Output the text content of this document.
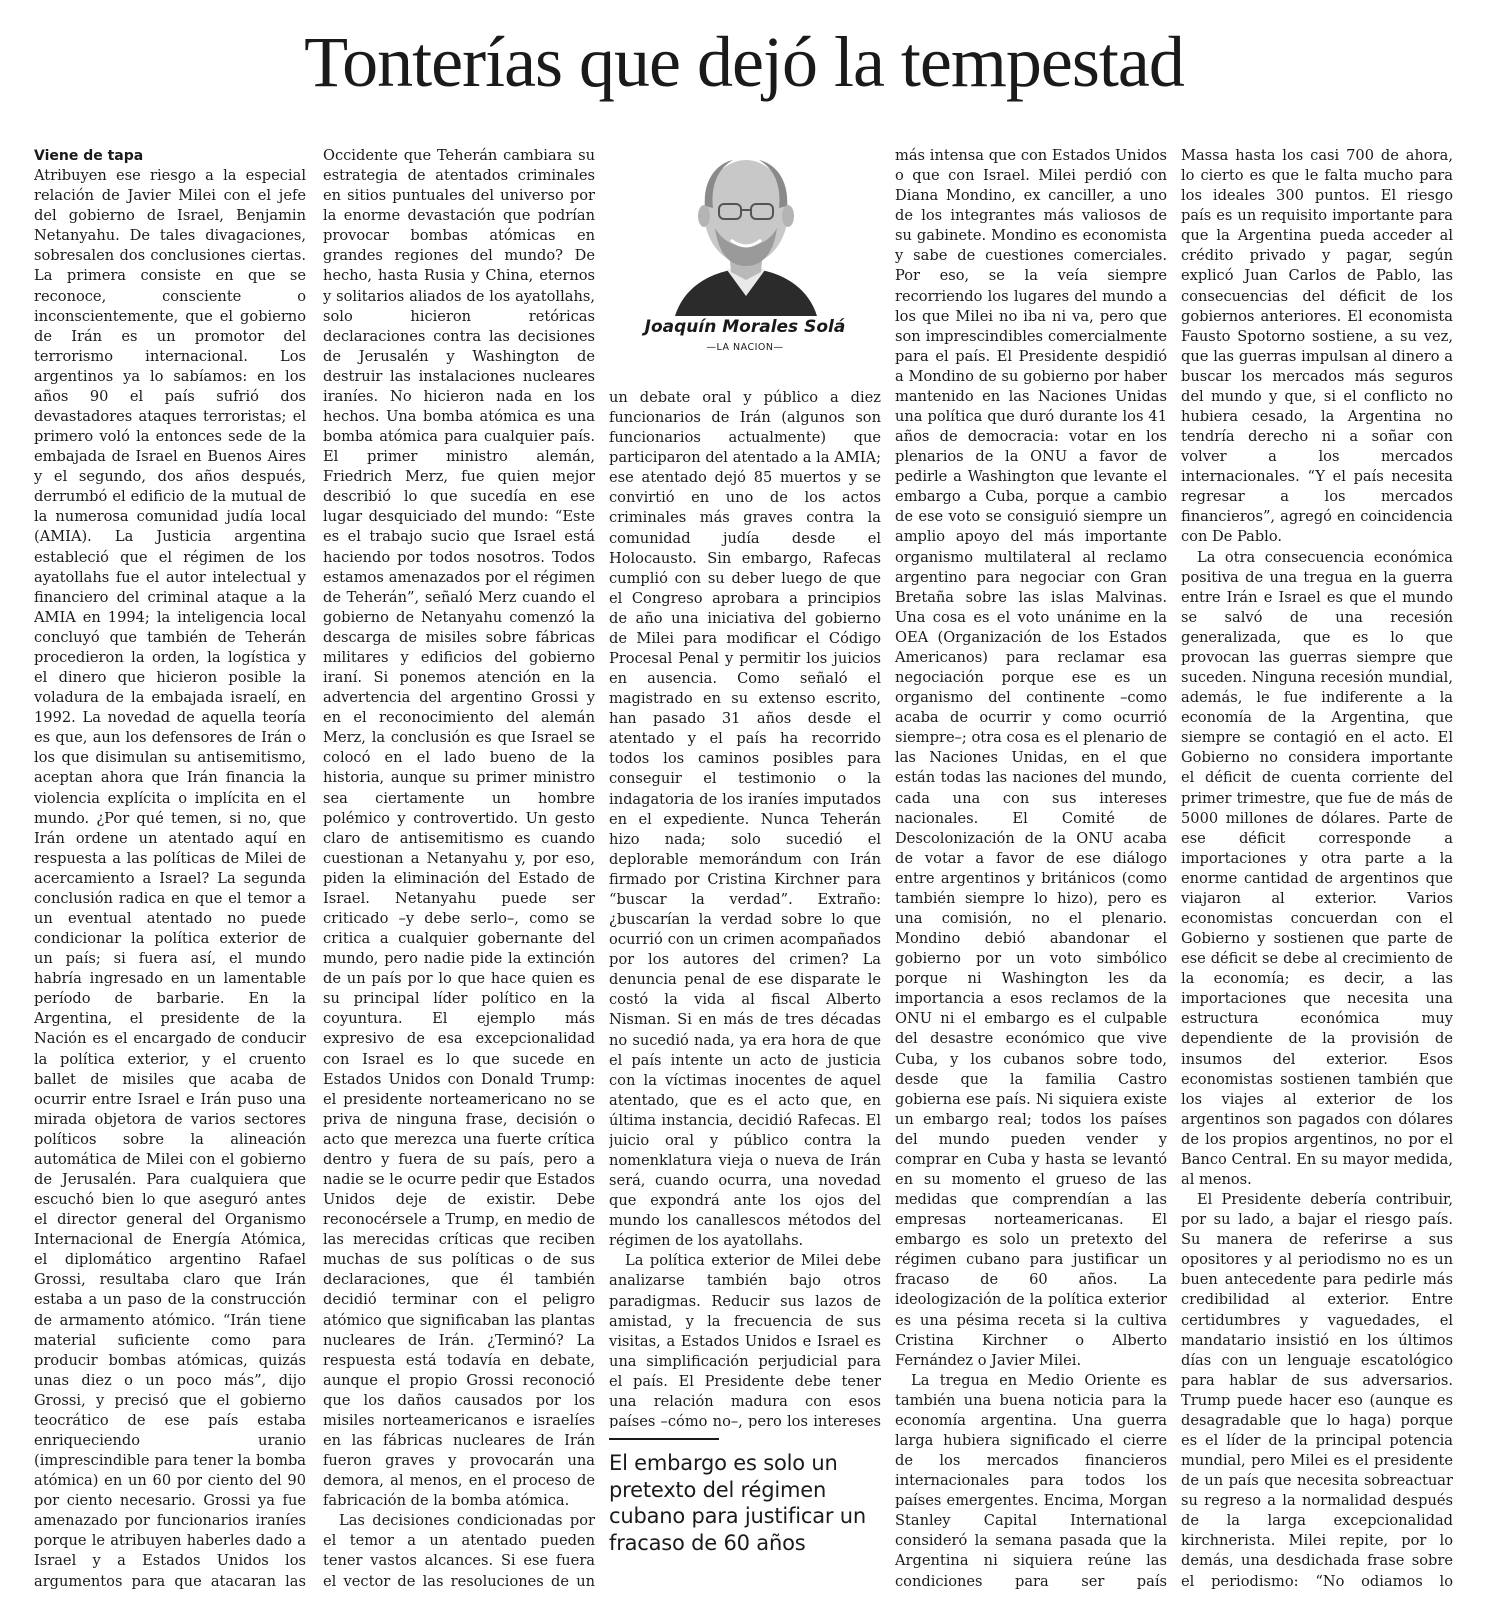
Tonterías que dejó la tempestad

Viene de tapa

Atribuyen ese riesgo a la especial relación de Javier Milei con el jefe del gobierno de Israel, Benjamin Netanyahu. De tales divagaciones, sobresalen dos conclusiones ciertas. La primera consiste en que se reconoce, consciente o inconscientemente, que el gobierno de Irán es un promotor del terrorismo internacional. Los argentinos ya lo sabíamos: en los años 90 el país sufrió dos devastadores ataques terroristas; el primero voló la entonces sede de la embajada de Israel en Buenos Aires y el segundo, dos años después, derrumbó el edificio de la mutual de la numerosa comunidad judía local (AMIA). La Justicia argentina estableció que el régimen de los ayatollahs fue el autor intelectual y financiero del criminal ataque a la AMIA en 1994; la inteligencia local concluyó que también de Teherán procedieron la orden, la logística y el dinero que hicieron posible la voladura de la embajada israelí, en 1992. La novedad de aquella teoría es que, aun los defensores de Irán o los que disimulan su antisemitismo, aceptan ahora que Irán financia la violencia explícita o implícita en el mundo. ¿Por qué temen, si no, que Irán ordene un atentado aquí en respuesta a las políticas de Milei de acercamiento a Israel? La segunda conclusión radica en que el temor a un eventual atentado no puede condicionar la política exterior de un país; si fuera así, el mundo habría ingresado en un lamentable período de barbarie. En la Argentina, el presidente de la Nación es el encargado de conducir la política exterior, y el cruento ballet de misiles que acaba de ocurrir entre Israel e Irán puso una mirada objetora de varios sectores políticos sobre la alineación automática de Milei con el gobierno de Jerusalén. Para cualquiera que escuchó bien lo que aseguró antes el director general del Organismo Internacional de Energía Atómica, el diplomático argentino Rafael Grossi, resultaba claro que Irán estaba a un paso de la construcción de armamento atómico. “Irán tiene material suficiente como para producir bombas atómicas, quizás unas diez o un poco más”, dijo Grossi, y precisó que el gobierno teocrático de ese país estaba enriqueciendo uranio (imprescindible para tener la bomba atómica) en un 60 por ciento del 90 por ciento necesario. Grossi ya fue amenazado por funcionarios iraníes porque le atribuyen haberles dado a Israel y a Estados Unidos los argumentos para que atacaran las

Occidente que Teherán cambiara su estrategia de atentados criminales en sitios puntuales del universo por la enorme devastación que podrían provocar bombas atómicas en grandes regiones del mundo? De hecho, hasta Rusia y China, eternos y solitarios aliados de los ayatollahs, solo hicieron retóricas declaraciones contra las decisiones de Jerusalén y Washington de destruir las instalaciones nucleares iraníes. No hicieron nada en los hechos. Una bomba atómica es una bomba atómica para cualquier país. El primer ministro alemán, Friedrich Merz, fue quien mejor describió lo que sucedía en ese lugar desquiciado del mundo: “Este es el trabajo sucio que Israel está haciendo por todos nosotros. Todos estamos amenazados por el régimen de Teherán”, señaló Merz cuando el gobierno de Netanyahu comenzó la descarga de misiles sobre fábricas militares y edificios del gobierno iraní. Si ponemos atención en la advertencia del argentino Grossi y en el reconocimiento del alemán Merz, la conclusión es que Israel se colocó en el lado bueno de la historia, aunque su primer ministro sea ciertamente un hombre polémico y controvertido. Un gesto claro de antisemitismo es cuando cuestionan a Netanyahu y, por eso, piden la eliminación del Estado de Israel. Netanyahu puede ser criticado –y debe serlo–, como se critica a cualquier gobernante del mundo, pero nadie pide la extinción de un país por lo que hace quien es su principal líder político en la coyuntura. El ejemplo más expresivo de esa excepcionalidad con Israel es lo que sucede en Estados Unidos con Donald Trump: el presidente norteamericano no se priva de ninguna frase, decisión o acto que merezca una fuerte crítica dentro y fuera de su país, pero a nadie se le ocurre pedir que Estados Unidos deje de existir. Debe reconocérsele a Trump, en medio de las merecidas críticas que reciben muchas de sus políticas o de sus declaraciones, que él también decidió terminar con el peligro atómico que significaban las plantas nucleares de Irán. ¿Terminó? La respuesta está todavía en debate, aunque el propio Grossi reconoció que los daños causados por los misiles norteamericanos e israelíes en las fábricas nucleares de Irán fueron graves y provocarán una demora, al menos, en el proceso de fabricación de la bomba atómica.

Las decisiones condicionadas por el temor a un atentado pueden tener vastos alcances. Si ese fuera el vector de las resoluciones de un

Joaquín Morales Solá
—LA NACION—

un debate oral y público a diez funcionarios de Irán (algunos son funcionarios actualmente) que participaron del atentado a la AMIA; ese atentado dejó 85 muertos y se convirtió en uno de los actos criminales más graves contra la comunidad judía desde el Holocausto. Sin embargo, Rafecas cumplió con su deber luego de que el Congreso aprobara a principios de año una iniciativa del gobierno de Milei para modificar el Código Procesal Penal y permitir los juicios en ausencia. Como señaló el magistrado en su extenso escrito, han pasado 31 años desde el atentado y el país ha recorrido todos los caminos posibles para conseguir el testimonio o la indagatoria de los iraníes imputados en el expediente. Nunca Teherán hizo nada; solo sucedió el deplorable memorándum con Irán firmado por Cristina Kirchner para “buscar la verdad”. Extraño: ¿buscarían la verdad sobre lo que ocurrió con un crimen acompañados por los autores del crimen? La denuncia penal de ese disparate le costó la vida al fiscal Alberto Nisman. Si en más de tres décadas no sucedió nada, ya era hora de que el país intente un acto de justicia con la víctimas inocentes de aquel atentado, que es el acto que, en última instancia, decidió Rafecas. El juicio oral y público contra la nomenklatura vieja o nueva de Irán será, cuando ocurra, una novedad que expondrá ante los ojos del mundo los canallescos métodos del régimen de los ayatollahs.

La política exterior de Milei debe analizarse también bajo otros paradigmas. Reducir sus lazos de amistad, y la frecuencia de sus visitas, a Estados Unidos e Israel es una simplificación perjudicial para el país. El Presidente debe tener una relación madura con esos países –cómo no–, pero los intereses

El embargo es solo un pretexto del régimen cubano para justificar un fracaso de 60 años

más intensa que con Estados Unidos o que con Israel. Milei perdió con Diana Mondino, ex canciller, a uno de los integrantes más valiosos de su gabinete. Mondino es economista y sabe de cuestiones comerciales. Por eso, se la veía siempre recorriendo los lugares del mundo a los que Milei no iba ni va, pero que son imprescindibles comercialmente para el país. El Presidente despidió a Mondino de su gobierno por haber mantenido en las Naciones Unidas una política que duró durante los 41 años de democracia: votar en los plenarios de la ONU a favor de pedirle a Washington que levante el embargo a Cuba, porque a cambio de ese voto se consiguió siempre un amplio apoyo del más importante organismo multilateral al reclamo argentino para negociar con Gran Bretaña sobre las islas Malvinas. Una cosa es el voto unánime en la OEA (Organización de los Estados Americanos) para reclamar esa negociación porque ese es un organismo del continente –como acaba de ocurrir y como ocurrió siempre–; otra cosa es el plenario de las Naciones Unidas, en el que están todas las naciones del mundo, cada una con sus intereses nacionales. El Comité de Descolonización de la ONU acaba de votar a favor de ese diálogo entre argentinos y británicos (como también siempre lo hizo), pero es una comisión, no el plenario. Mondino debió abandonar el gobierno por un voto simbólico porque ni Washington les da importancia a esos reclamos de la ONU ni el embargo es el culpable del desastre económico que vive Cuba, y los cubanos sobre todo, desde que la familia Castro gobierna ese país. Ni siquiera existe un embargo real; todos los países del mundo pueden vender y comprar en Cuba y hasta se levantó en su momento el grueso de las medidas que comprendían a las empresas norteamericanas. El embargo es solo un pretexto del régimen cubano para justificar un fracaso de 60 años. La ideologización de la política exterior es una pésima receta si la cultiva Cristina Kirchner o Alberto Fernández o Javier Milei.

La tregua en Medio Oriente es también una buena noticia para la economía argentina. Una guerra larga hubiera significado el cierre de los mercados financieros internacionales para todos los países emergentes. Encima, Morgan Stanley Capital International consideró la semana pasada que la Argentina ni siquiera reúne las condiciones para ser país

Massa hasta los casi 700 de ahora, lo cierto es que le falta mucho para los ideales 300 puntos. El riesgo país es un requisito importante para que la Argentina pueda acceder al crédito privado y pagar, según explicó Juan Carlos de Pablo, las consecuencias del déficit de los gobiernos anteriores. El economista Fausto Spotorno sostiene, a su vez, que las guerras impulsan al dinero a buscar los mercados más seguros del mundo y que, si el conflicto no hubiera cesado, la Argentina no tendría derecho ni a soñar con volver a los mercados internacionales. “Y el país necesita regresar a los mercados financieros”, agregó en coincidencia con De Pablo.

La otra consecuencia económica positiva de una tregua en la guerra entre Irán e Israel es que el mundo se salvó de una recesión generalizada, que es lo que provocan las guerras siempre que suceden. Ninguna recesión mundial, además, le fue indiferente a la economía de la Argentina, que siempre se contagió en el acto. El Gobierno no considera importante el déficit de cuenta corriente del primer trimestre, que fue de más de 5000 millones de dólares. Parte de ese déficit corresponde a importaciones y otra parte a la enorme cantidad de argentinos que viajaron al exterior. Varios economistas concuerdan con el Gobierno y sostienen que parte de ese déficit se debe al crecimiento de la economía; es decir, a las importaciones que necesita una estructura económica muy dependiente de la provisión de insumos del exterior. Esos economistas sostienen también que los viajes al exterior de los argentinos son pagados con dólares de los propios argentinos, no por el Banco Central. En su mayor medida, al menos.

El Presidente debería contribuir, por su lado, a bajar el riesgo país. Su manera de referirse a sus opositores y al periodismo no es un buen antecedente para pedirle más credibilidad al exterior. Entre certidumbres y vaguedades, el mandatario insistió en los últimos días con un lenguaje escatológico para hablar de sus adversarios. Trump puede hacer eso (aunque es desagradable que lo haga) porque es el líder de la principal potencia mundial, pero Milei es el presidente de un país que necesita sobreactuar su regreso a la normalidad después de la larga excepcionalidad kirchnerista. Milei repite, por lo demás, una desdichada frase sobre el periodismo: “No odiamos lo
